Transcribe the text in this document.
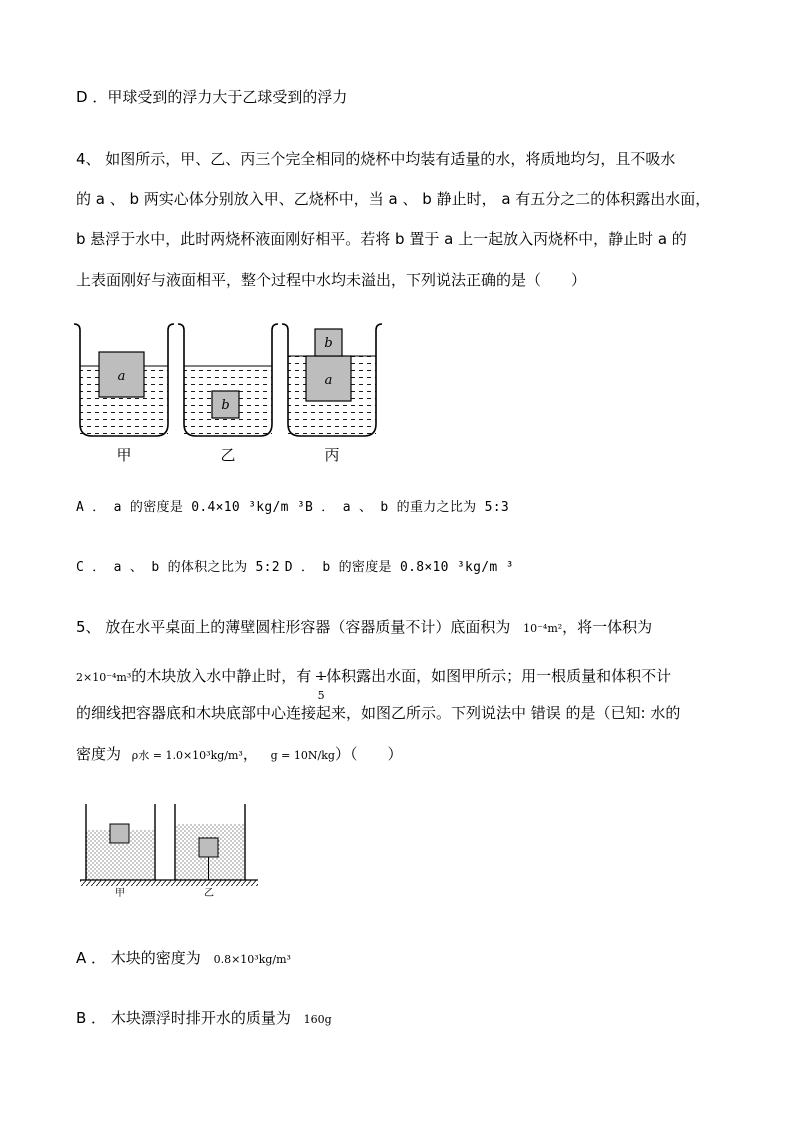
D ．甲球受到的浮力大于乙球受到的浮力
4、 如图所示，甲、乙、丙三个完全相同的烧杯中均装有适量的水，将质地均匀，且不吸水
的 a 、 b 两实心体分别放入甲、乙烧杯中，当 a 、 b 静止时， a 有五分之二的体积露出水面，
b 悬浮于水中，此时两烧杯液面刚好相平。若将 b 置于 a 上一起放入丙烧杯中，静止时 a 的
上表面刚好与液面相平，整个过程中水均未溢出，下列说法正确的是（　　）
a
b
a
b
甲	乙	丙
A ． a 的密度是 0.4×10 ³kg/m ³B ． a 、 b 的重力之比为 5:3
C ． a 、 b 的体积之比为 5:2 D ． b 的密度是 0.8×10 ³kg/m ³
5、 放在水平桌面上的薄壁圆柱形容器（容器质量不计）底面积为 10⁻⁴m²，将一体积为
2×10⁻⁴m³的木块放入水中静止时，有 1
5
体积露出水面，如图甲所示；用一根质量和体积不计
的细线把容器底和木块底部中心连接起来，如图乙所示。下列说法中 错误 的是（已知: 水的
密度为 ρ水 = 1.0×10³kg/m³， g = 10N/kg）（　　）
甲	乙
A ． 木块的密度为 0.8×10³kg/m³
B ． 木块漂浮时排开水的质量为 160g
